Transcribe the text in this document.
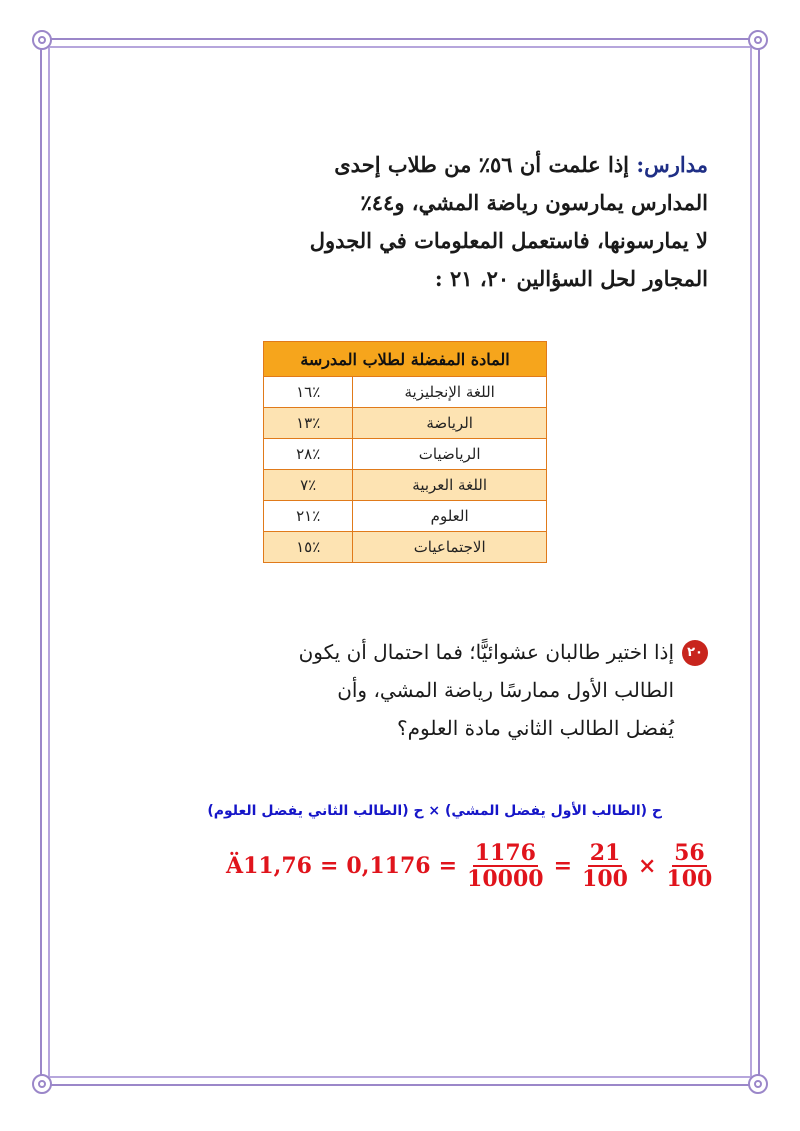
مدارس: إذا علمت أن ٥٦٪ من طلاب إحدى
المدارس يمارسون رياضة المشي، و٤٤٪
لا يمارسونها، فاستعمل المعلومات في الجدول
المجاور لحل السؤالين ٢٠، ٢١ :
المادة المفضلة لطلاب المدرسة	
اللغة الإنجليزية	٪١٦
الرياضة	٪١٣
الرياضيات	٪٢٨
اللغة العربية	٪٧
العلوم	٪٢١
الاجتماعيات	٪١٥
٢٠
إذا اختير طالبان عشوائيًّا؛ فما احتمال أن يكون
الطالب الأول ممارسًا رياضة المشي، وأن
يُفضل الطالب الثاني مادة العلوم؟
ح (الطالب الأول يفضل المشي) × ح (الطالب الثاني يفضل العلوم)
Ä11,76 = $0,1176 = \frac{1176}{10000} = \frac{21}{100} \times \frac{56}{100}$
